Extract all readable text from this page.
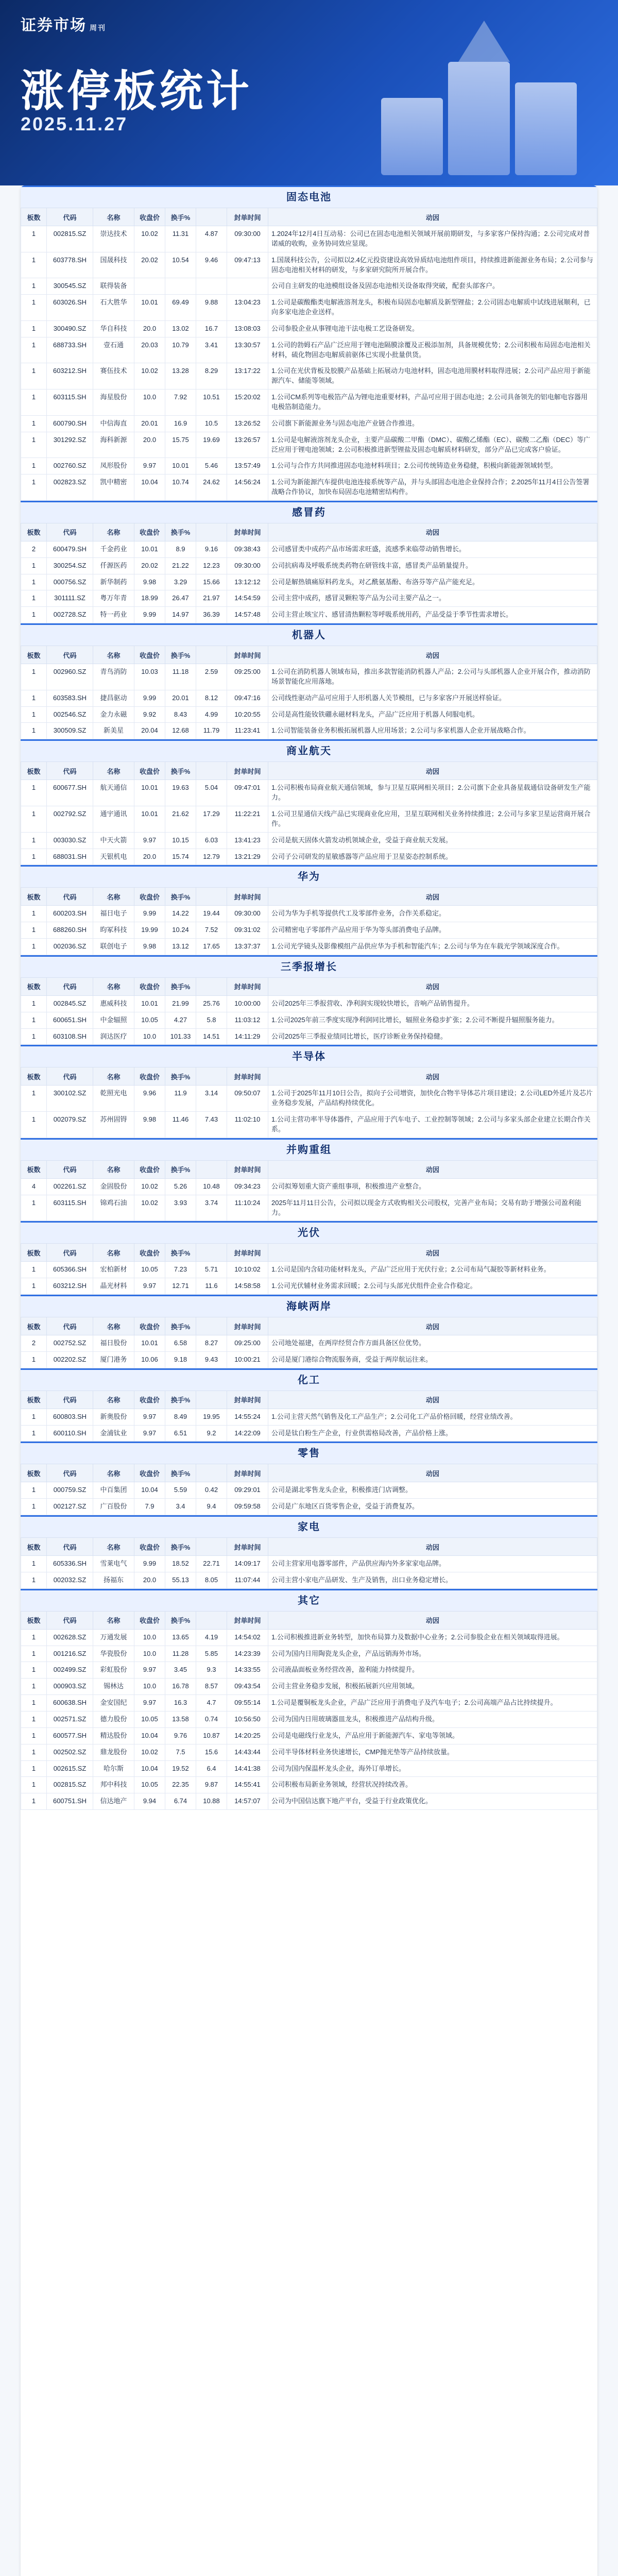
证券市场 周刊
涨停板统计
2025.11.27
固态电池
板数	代码	名称	收盘价	换手%		封单时间	动因
1	002815.SZ	崇达技术	10.02	11.31	4.87	09:30:00	1.2024年12月4日互动易：公司已在固态电池相关领域开展前期研发，与多家客户保持沟通；2.公司完成对普诺威的收购，业务协同效应显现。
1	603778.SH	国晟科技	20.02	10.54	9.46	09:47:13	1.国晟科技公告，公司拟以2.4亿元投资建设高效异质结电池组件项目，持续推进新能源业务布局；2.公司参与固态电池相关材料的研发，与多家研究院所开展合作。
1	300545.SZ	联得装备					公司自主研发的电池模组设备及固态电池相关设备取得突破，配套头部客户。
1	603026.SH	石大胜华	10.01	69.49	9.88	13:04:23	1.公司是碳酸酯类电解液溶剂龙头，积极布局固态电解质及新型锂盐；2.公司固态电解质中试线进展顺利，已向多家电池企业送样。
1	300490.SZ	华自科技	20.0	13.02	16.7	13:08:03	公司参股企业从事锂电池干法电极工艺设备研发。
1	688733.SH	壹石通	20.03	10.79	3.41	13:30:57	1.公司的勃姆石产品广泛应用于锂电池隔膜涂覆及正极添加剂，具备规模优势；2.公司积极布局固态电池相关材料，硫化物固态电解质前驱体已实现小批量供货。
1	603212.SH	赛伍技术	10.02	13.28	8.29	13:17:22	1.公司在光伏背板及胶膜产品基础上拓展动力电池材料，固态电池用膜材料取得进展；2.公司产品应用于新能源汽车、储能等领域。
1	603115.SH	海星股份	10.0	7.92	10.51	15:20:02	1.公司CM系列等电极箔产品为锂电池重要材料，产品可应用于固态电池；2.公司具备领先的铝电解电容器用电极箔制造能力。
1	600790.SH	中信海直	20.01	16.9	10.5	13:26:52	公司旗下新能源业务与固态电池产业链合作推进。
1	301292.SZ	海科新源	20.0	15.75	19.69	13:26:57	1.公司是电解液溶剂龙头企业，主要产品碳酸二甲酯（DMC）、碳酸乙烯酯（EC）、碳酸二乙酯（DEC）等广泛应用于锂电池领域；2.公司积极推进新型锂盐及固态电解质材料研发，部分产品已完成客户验证。
1	002760.SZ	凤形股份	9.97	10.01	5.46	13:57:49	1.公司与合作方共同推进固态电池材料项目；2.公司传统铸造业务稳健，积极向新能源领域转型。
1	002823.SZ	凯中精密	10.04	10.74	24.62	14:56:24	1.公司为新能源汽车提供电池连接系统等产品，并与头部固态电池企业保持合作；2.2025年11月4日公告签署战略合作协议，加快布局固态电池精密结构件。
感冒药
板数	代码	名称	收盘价	换手%		封单时间	动因
2	600479.SH	千金药业	10.01	8.9	9.16	09:38:43	公司感冒类中成药产品市场需求旺盛，流感季来临带动销售增长。
1	300254.SZ	仟源医药	20.02	21.22	12.23	09:30:00	公司抗病毒及呼吸系统类药物在研管线丰富，感冒类产品销量提升。
1	000756.SZ	新华制药	9.98	3.29	15.66	13:12:12	公司是解热镇痛原料药龙头，对乙酰氨基酚、布洛芬等产品产能充足。
1	301111.SZ	粤万年青	18.99	26.47	21.97	14:54:59	公司主营中成药，感冒灵颗粒等产品为公司主要产品之一。
1	002728.SZ	特一药业	9.99	14.97	36.39	14:57:48	公司主营止咳宝片、感冒清热颗粒等呼吸系统用药，产品受益于季节性需求增长。
机器人
板数	代码	名称	收盘价	换手%		封单时间	动因
1	002960.SZ	青鸟消防	10.03	11.18	2.59	09:25:00	1.公司在消防机器人领域布局，推出多款智能消防机器人产品；2.公司与头部机器人企业开展合作，推动消防场景智能化应用落地。
1	603583.SH	捷昌驱动	9.99	20.01	8.12	09:47:16	公司线性驱动产品可应用于人形机器人关节模组，已与多家客户开展送样验证。
1	002546.SZ	金力永磁	9.92	8.43	4.99	10:20:55	公司是高性能钕铁硼永磁材料龙头，产品广泛应用于机器人伺服电机。
1	300509.SZ	新美星	20.04	12.68	11.79	11:23:41	1.公司智能装备业务积极拓展机器人应用场景；2.公司与多家机器人企业开展战略合作。
商业航天
板数	代码	名称	收盘价	换手%		封单时间	动因
1	600677.SH	航天通信	10.01	19.63	5.04	09:47:01	1.公司积极布局商业航天通信领域，参与卫星互联网相关项目；2.公司旗下企业具备星载通信设备研发生产能力。
1	002792.SZ	通宇通讯	10.01	21.62	17.29	11:22:21	1.公司卫星通信天线产品已实现商业化应用，卫星互联网相关业务持续推进；2.公司与多家卫星运营商开展合作。
1	003030.SZ	中天火箭	9.97	10.15	6.03	13:41:23	公司是航天固体火箭发动机领域企业，受益于商业航天发展。
1	688031.SH	天银机电	20.0	15.74	12.79	13:21:29	公司子公司研发的星敏感器等产品应用于卫星姿态控制系统。
华为
板数	代码	名称	收盘价	换手%		封单时间	动因
1	600203.SH	福日电子	9.99	14.22	19.44	09:30:00	公司为华为手机等提供代工及零部件业务，合作关系稳定。
1	688260.SH	昀冢科技	19.99	10.24	7.52	09:31:02	公司精密电子零部件产品应用于华为等头部消费电子品牌。
1	002036.SZ	联创电子	9.98	13.12	17.65	13:37:37	1.公司光学镜头及影像模组产品供应华为手机和智能汽车；2.公司与华为在车载光学领域深度合作。
三季报增长
板数	代码	名称	收盘价	换手%		封单时间	动因
1	002845.SZ	惠威科技	10.01	21.99	25.76	10:00:00	公司2025年三季报营收、净利润实现较快增长，音响产品销售提升。
1	600651.SH	中金辐照	10.05	4.27	5.8	11:03:12	1.公司2025年前三季度实现净利润同比增长，辐照业务稳步扩张；2.公司不断提升辐照服务能力。
1	603108.SH	润达医疗	10.0	101.33	14.51	14:11:29	公司2025年三季报业绩同比增长，医疗诊断业务保持稳健。
半导体
板数	代码	名称	收盘价	换手%		封单时间	动因
1	300102.SZ	乾照光电	9.96	11.9	3.14	09:50:07	1.公司于2025年11月10日公告，拟向子公司增资，加快化合物半导体芯片项目建设；2.公司LED外延片及芯片业务稳步发展，产品结构持续优化。
1	002079.SZ	苏州固锝	9.98	11.46	7.43	11:02:10	1.公司主营功率半导体器件，产品应用于汽车电子、工业控制等领域；2.公司与多家头部企业建立长期合作关系。
并购重组
板数	代码	名称	收盘价	换手%		封单时间	动因
4	002261.SZ	金固股份	10.02	5.26	10.48	09:34:23	公司拟筹划重大资产重组事项，积极推进产业整合。
1	603115.SH	锦鸡石油	10.02	3.93	3.74	11:10:24	2025年11月11日公告，公司拟以现金方式收购相关公司股权，完善产业布局；交易有助于增强公司盈利能力。
光伏
板数	代码	名称	收盘价	换手%		封单时间	动因
1	605366.SH	宏柏新材	10.05	7.23	5.71	10:10:02	1.公司是国内含硅功能材料龙头，产品广泛应用于光伏行业；2.公司布局气凝胶等新材料业务。
1	603212.SH	晶光材料	9.97	12.71	11.6	14:58:58	1.公司光伏辅材业务需求回暖；2.公司与头部光伏组件企业合作稳定。
海峡两岸
板数	代码	名称	收盘价	换手%		封单时间	动因
2	002752.SZ	福日股份	10.01	6.58	8.27	09:25:00	公司地处福建，在两岸经贸合作方面具备区位优势。
1	002202.SZ	厦门港务	10.06	9.18	9.43	10:00:21	公司是厦门港综合物流服务商，受益于两岸航运往来。
化工
板数	代码	名称	收盘价	换手%		封单时间	动因
1	600803.SH	新奥股份	9.97	8.49	19.95	14:55:24	1.公司主营天然气销售及化工产品生产；2.公司化工产品价格回暖，经营业绩改善。
1	600110.SH	金浦钛业	9.97	6.51	9.2	14:22:09	公司是钛白粉生产企业，行业供需格局改善，产品价格上涨。
零售
板数	代码	名称	收盘价	换手%		封单时间	动因
1	000759.SZ	中百集团	10.04	5.59	0.42	09:29:01	公司是湖北零售龙头企业，积极推进门店调整。
1	002127.SZ	广百股份	7.9	3.4	9.4	09:59:58	公司是广东地区百货零售企业，受益于消费复苏。
家电
板数	代码	名称	收盘价	换手%		封单时间	动因
1	605336.SH	雪莱电气	9.99	18.52	22.71	14:09:17	公司主营家用电器零部件，产品供应海内外多家家电品牌。
1	002032.SZ	扬福东	20.0	55.13	8.05	11:07:44	公司主营小家电产品研发、生产及销售，出口业务稳定增长。
其它
板数	代码	名称	收盘价	换手%		封单时间	动因
1	002628.SZ	万通发展	10.0	13.65	4.19	14:54:02	1.公司积极推进新业务转型，加快布局算力及数据中心业务；2.公司参股企业在相关领域取得进展。
1	001216.SZ	华瓷股份	10.0	11.28	5.85	14:23:39	公司为国内日用陶瓷龙头企业，产品远销海外市场。
1	002499.SZ	彩虹股份	9.97	3.45	9.3	14:33:55	公司液晶面板业务经营改善，盈利能力持续提升。
1	000903.SZ	锡林达	10.0	16.78	8.57	09:43:54	公司主营业务稳步发展，积极拓展新兴应用领域。
1	600638.SH	金安国纪	9.97	16.3	4.7	09:55:14	1.公司是覆铜板龙头企业，产品广泛应用于消费电子及汽车电子；2.公司高端产品占比持续提升。
1	002571.SZ	德力股份	10.05	13.58	0.74	10:56:50	公司为国内日用玻璃器皿龙头，积极推进产品结构升级。
1	600577.SH	精达股份	10.04	9.76	10.87	14:20:25	公司是电磁线行业龙头，产品应用于新能源汽车、家电等领域。
1	002502.SZ	鼎龙股份	10.02	7.5	15.6	14:43:44	公司半导体材料业务快速增长，CMP抛光垫等产品持续放量。
1	002615.SZ	哈尔斯	10.04	19.52	6.4	14:41:38	公司为国内保温杯龙头企业，海外订单增长。
1	002815.SZ	邦中科技	10.05	22.35	9.87	14:55:41	公司积极布局新业务领域，经营状况持续改善。
1	600751.SH	信达地产	9.94	6.74	10.88	14:57:07	公司为中国信达旗下地产平台，受益于行业政策优化。
